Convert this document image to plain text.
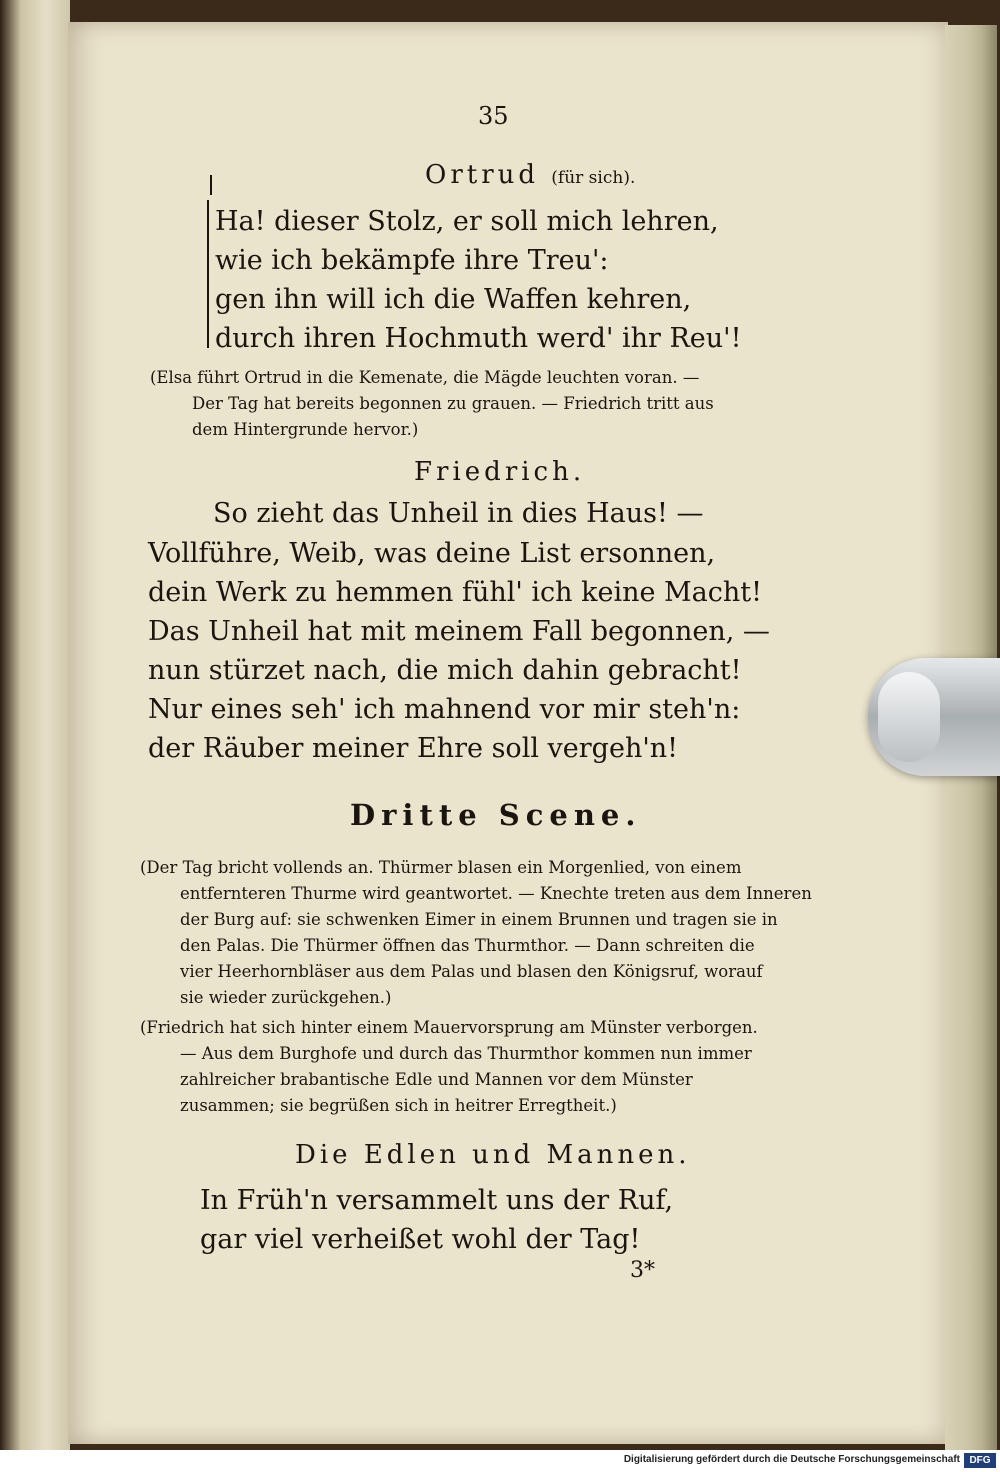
35
Ortrud (für sich).
Ha! dieser Stolz, er soll mich lehren,
wie ich bekämpfe ihre Treu':
gen ihn will ich die Waffen kehren,
durch ihren Hochmuth werd' ihr Reu'!
(Elsa führt Ortrud in die Kemenate, die Mägde leuchten voran. —
Der Tag hat bereits begonnen zu grauen. — Friedrich tritt aus
dem Hintergrunde hervor.)
Friedrich.
So zieht das Unheil in dies Haus! —
Vollführe, Weib, was deine List ersonnen,
dein Werk zu hemmen fühl' ich keine Macht!
Das Unheil hat mit meinem Fall begonnen, —
nun stürzet nach, die mich dahin gebracht!
Nur eines seh' ich mahnend vor mir steh'n:
der Räuber meiner Ehre soll vergeh'n!
Dritte Scene.
(Der Tag bricht vollends an. Thürmer blasen ein Morgenlied, von einem
entfernteren Thurme wird geantwortet. — Knechte treten aus dem Inneren
der Burg auf: sie schwenken Eimer in einem Brunnen und tragen sie in
den Palas. Die Thürmer öffnen das Thurmthor. — Dann schreiten die
vier Heerhornbläser aus dem Palas und blasen den Königsruf, worauf
sie wieder zurückgehen.)
(Friedrich hat sich hinter einem Mauervorsprung am Münster verborgen.
— Aus dem Burghofe und durch das Thurmthor kommen nun immer
zahlreicher brabantische Edle und Mannen vor dem Münster
zusammen; sie begrüßen sich in heitrer Erregtheit.)
Die Edlen und Mannen.
In Früh'n versammelt uns der Ruf,
gar viel verheißet wohl der Tag!
3*
Digitalisierung gefördert durch die Deutsche Forschungsgemeinschaft DFG
